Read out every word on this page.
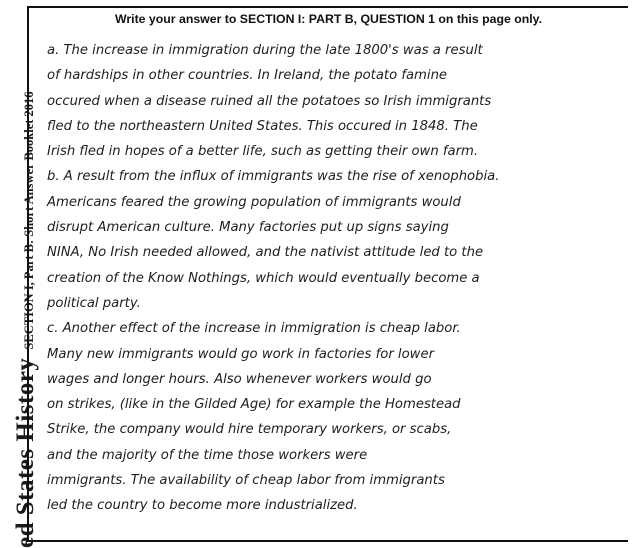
ed States History
SECTION I, Part B: Short Answer Booklet 2016
Write your answer to SECTION I: PART B, QUESTION 1 on this page only.
a. The increase in immigration during the late 1800's was a result
of hardships in other countries. In Ireland, the potato famine
occured when a disease ruined all the potatoes so Irish immigrants
fled to the northeastern United States. This occured in 1848. The
Irish fled in hopes of a better life, such as getting their own farm.
b. A result from the influx of immigrants was the rise of xenophobia.
Americans feared the growing population of immigrants would
disrupt American culture. Many factories put up signs saying
NINA, No Irish needed allowed, and the nativist attitude led to the
creation of the Know Nothings, which would eventually become a
political party.
c. Another effect of the increase in immigration is cheap labor.
Many new immigrants would go work in factories for lower
wages and longer hours. Also whenever workers would go
on strikes, (like in the Gilded Age) for example the Homestead
Strike, the company would hire temporary workers, or scabs,
and the majority of the time those workers were
immigrants. The availability of cheap labor from immigrants
led the country to become more industrialized.
